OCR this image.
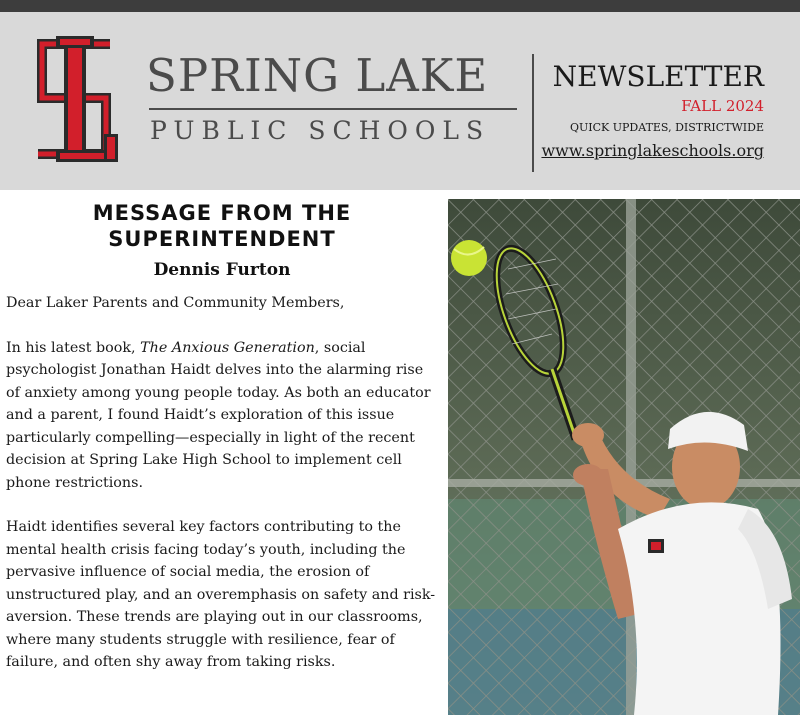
SPRING LAKE
PUBLIC SCHOOLS
NEWSLETTER
FALL 2024
QUICK UPDATES, DISTRICTWIDE
www.springlakeschools.org
MESSAGE FROM THE SUPERINTENDENT
Dennis Furton

Dear Laker Parents and Community Members,

In his latest book, The Anxious Generation, social psychologist Jonathan Haidt delves into the alarming rise of anxiety among young people today. As both an educator and a parent, I found Haidt’s exploration of this issue particularly compelling—especially in light of the recent decision at Spring Lake High School to implement cell phone restrictions.

Haidt identifies several key factors contributing to the mental health crisis facing today’s youth, including the pervasive influence of social media, the erosion of unstructured play, and an overemphasis on safety and risk-aversion. These trends are playing out in our classrooms, where many students struggle with resilience, fear of failure, and often shy away from taking risks.
